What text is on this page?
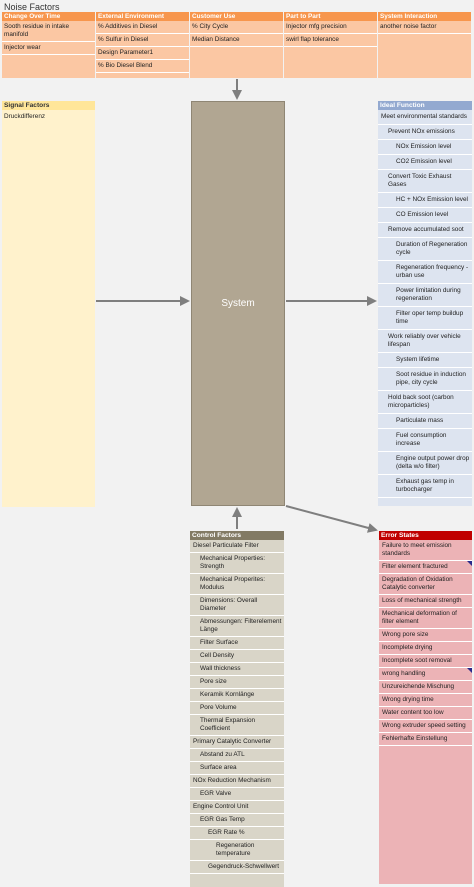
Noise Factors
Change Over Time
Sooth residue in intake manifold
Injector wear
External Environment
% Additives in Diesel
% Sulfur in Diesel
Design Parameter1
% Bio Diesel Blend
Customer Use
% City Cycle
Median Distance
Part to Part
Injector mfg precision
swirl flap tolerance
System Interaction
another noise factor
Signal Factors
Druckdifferenz
System
Ideal Function
Meet environmental standards
Prevent NOx emissions
NOx Emission level
CO2 Emission level
Convert Toxic Exhaust Gases
HC + NOx Emission level
CO Emission level
Remove accumulated soot
Duration of Regeneration cycle
Regeneration frequency - urban use
Power limitation during regeneration
Filter oper temp buildup time
Work reliably over vehicle lifespan
System lifetime
Soot residue in induction pipe, city cycle
Hold back soot (carbon microparticles)
Particulate mass
Fuel consumption increase
Engine output power drop (delta w/o filter)
Exhaust gas temp in turbocharger
Control Factors
Diesel Particulate Filter
Mechanical Properties: Strength
Mechanical Properites: Modulus
Dimensions: Overall Diameter
Abmessungen: Filterelement Länge
Filter Surface
Cell Density
Wall thickness
Pore size
Keramik Kornlänge
Pore Volume
Thermal Expansion Coefficient
Primary Catalytic Converter
Abstand zu ATL
Surface area
NOx Reduction Mechanism
EGR Valve
Engine Control Unit
EGR Gas Temp
EGR Rate %
Regeneration temperature
Gegendruck-Schwellwert
Error States
Failure to meet emission standards
Filter element fractured
Degradation of Oxidation Catalytic converter
Loss of mechanical strength
Mechanical deformation of filter element
Wrong pore size
Incomplete drying
Incomplete soot removal
wrong handling
Unzureichende Mischung
Wrong drying time
Water content too low
Wrong extruder speed setting
Fehlerhafte Einstellung
